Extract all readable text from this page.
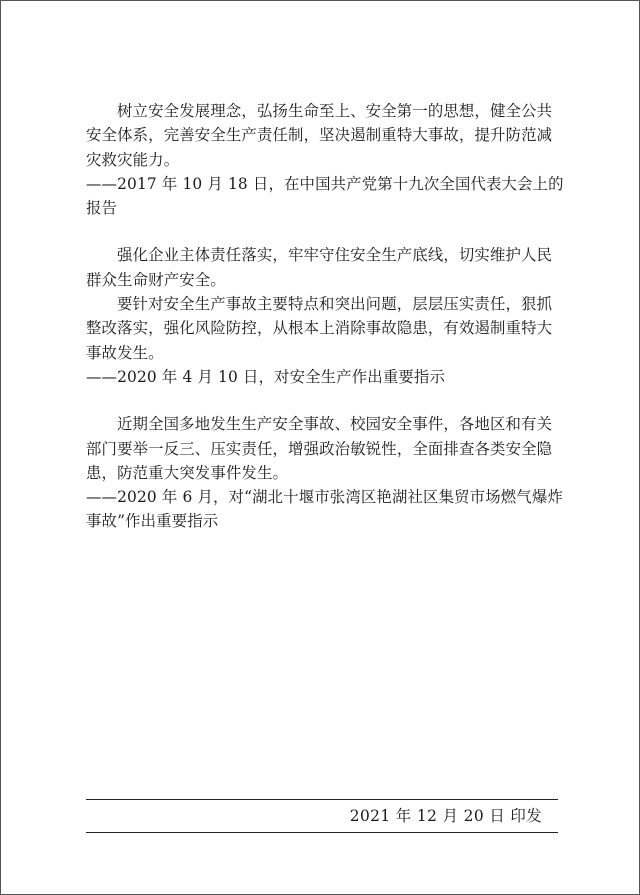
树立安全发展理念，弘扬生命至上、安全第一的思想，健全公共安全体系，完善安全生产责任制，坚决遏制重特大事故，提升防范减灾救灾能力。

——2017 年 10 月 18 日，在中国共产党第十九次全国代表大会上的报告

强化企业主体责任落实，牢牢守住安全生产底线，切实维护人民群众生命财产安全。

要针对安全生产事故主要特点和突出问题，层层压实责任，狠抓整改落实，强化风险防控，从根本上消除事故隐患，有效遏制重特大事故发生。

——2020 年 4 月 10 日，对安全生产作出重要指示

近期全国多地发生生产安全事故、校园安全事件，各地区和有关部门要举一反三、压实责任，增强政治敏锐性，全面排查各类安全隐患，防范重大突发事件发生。

——2020 年 6 月，对“湖北十堰市张湾区艳湖社区集贸市场燃气爆炸事故”作出重要指示

2021 年 12 月 20 日 印发
